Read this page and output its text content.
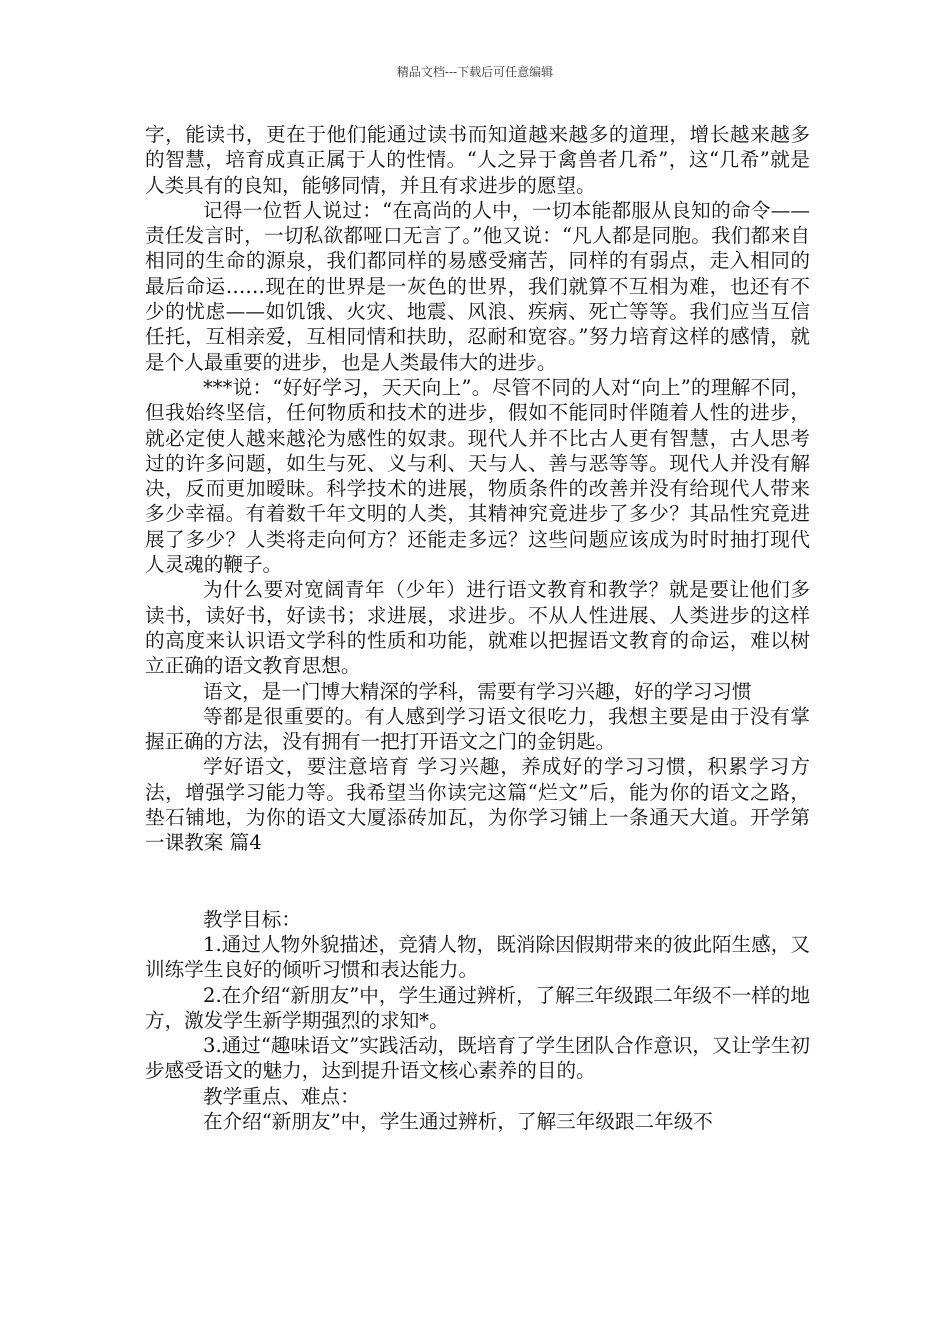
精品文档---下载后可任意编辑

字，能读书，更在于他们能通过读书而知道越来越多的道理，增长越来越多的智慧，培育成真正属于人的性情。“人之异于禽兽者几希”，这“几希”就是人类具有的良知，能够同情，并且有求进步的愿望。

记得一位哲人说过：“在高尚的人中，一切本能都服从良知的命令——责任发言时，一切私欲都哑口无言了。”他又说：“凡人都是同胞。我们都来自相同的生命的源泉，我们都同样的易感受痛苦，同样的有弱点，走入相同的最后命运……现在的世界是一灰色的世界，我们就算不互相为难，也还有不少的忧虑——如饥饿、火灾、地震、风浪、疾病、死亡等等。我们应当互信任托，互相亲爱，互相同情和扶助，忍耐和宽容。”努力培育这样的感情，就是个人最重要的进步，也是人类最伟大的进步。

***说：“好好学习，天天向上”。尽管不同的人对“向上”的理解不同，但我始终坚信，任何物质和技术的进步，假如不能同时伴随着人性的进步，就必定使人越来越沦为感性的奴隶。现代人并不比古人更有智慧，古人思考过的许多问题，如生与死、义与利、天与人、善与恶等等。现代人并没有解决，反而更加暧昧。科学技术的进展，物质条件的改善并没有给现代人带来多少幸福。有着数千年文明的人类，其精神究竟进步了多少？其品性究竟进展了多少？人类将走向何方？还能走多远？这些问题应该成为时时抽打现代人灵魂的鞭子。

为什么要对宽阔青年（少年）进行语文教育和教学？就是要让他们多读书，读好书，好读书；求进展，求进步。不从人性进展、人类进步的这样的高度来认识语文学科的性质和功能，就难以把握语文教育的命运，难以树立正确的语文教育思想。

语文，是一门博大精深的学科，需要有学习兴趣，好的学习习惯

等都是很重要的。有人感到学习语文很吃力，我想主要是由于没有掌握正确的方法，没有拥有一把打开语文之门的金钥匙。

学好语文，要注意培育 学习兴趣，养成好的学习习惯，积累学习方法，增强学习能力等。我希望当你读完这篇“烂文”后，能为你的语文之路，垫石铺地，为你的语文大厦添砖加瓦，为你学习铺上一条通天大道。开学第一课教案 篇4

教学目标：

1.通过人物外貌描述，竞猜人物，既消除因假期带来的彼此陌生感，又训练学生良好的倾听习惯和表达能力。

2.在介绍“新朋友”中，学生通过辨析，了解三年级跟二年级不一样的地方，激发学生新学期强烈的求知*。

3.通过“趣味语文”实践活动，既培育了学生团队合作意识，又让学生初步感受语文的魅力，达到提升语文核心素养的目的。

教学重点、难点：

在介绍“新朋友”中，学生通过辨析，了解三年级跟二年级不
